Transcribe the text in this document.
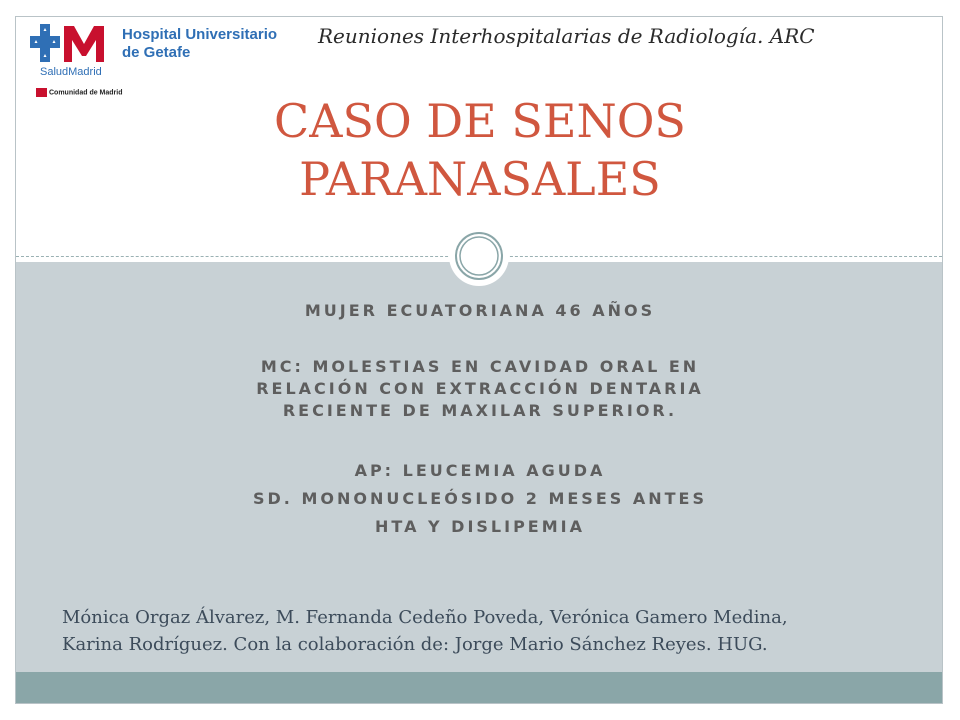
Hospital Universitario
de Getafe
SaludMadrid
Comunidad de Madrid
Reuniones Interhospitalarias de Radiología. ARC
CASO DE SENOS
PARANASALES
MUJER ECUATORIANA 46 AÑOS
MC: MOLESTIAS EN CAVIDAD ORAL EN
RELACIÓN CON EXTRACCIÓN DENTARIA
RECIENTE DE MAXILAR SUPERIOR.
AP: LEUCEMIA AGUDA
SD. MONONUCLEÓSIDO 2 MESES ANTES
HTA Y DISLIPEMIA
Mónica Orgaz Álvarez, M. Fernanda Cedeño Poveda, Verónica Gamero Medina,
Karina Rodríguez. Con la colaboración de: Jorge Mario Sánchez Reyes. HUG.
